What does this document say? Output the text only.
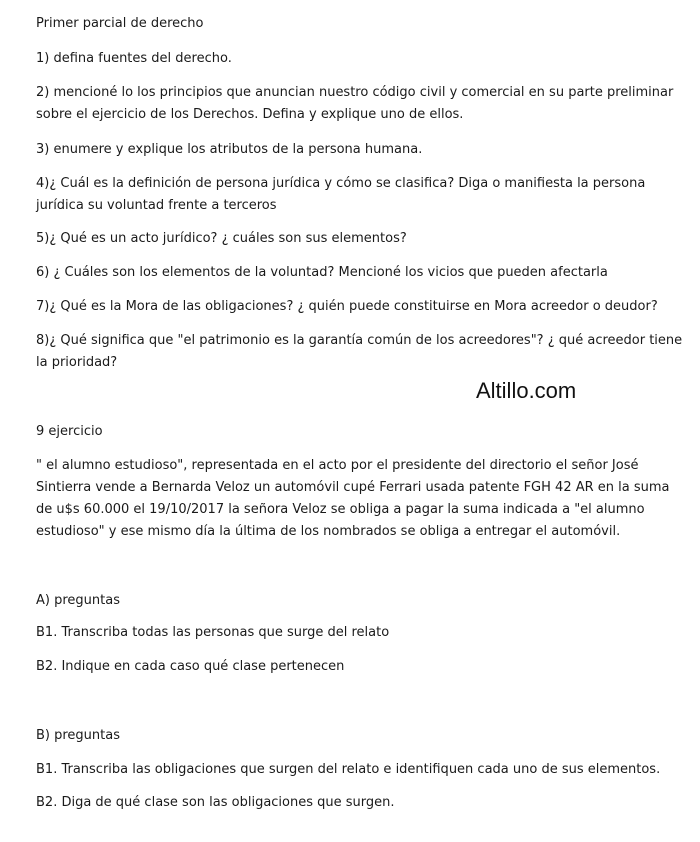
Primer parcial de derecho

1) defina fuentes del derecho.

2) mencioné lo los principios que anuncian nuestro código civil y comercial en su parte preliminar

sobre el ejercicio de los Derechos. Defina y explique uno de ellos.

3) enumere y explique los atributos de la persona humana.

4)¿ Cuál es la definición de persona jurídica y cómo se clasifica? Diga o manifiesta la persona

jurídica su voluntad frente a terceros

5)¿ Qué es un acto jurídico? ¿ cuáles son sus elementos?

6) ¿ Cuáles son los elementos de la voluntad? Mencioné los vicios que pueden afectarla

7)¿ Qué es la Mora de las obligaciones? ¿ quién puede constituirse en Mora acreedor o deudor?

8)¿ Qué significa que "el patrimonio es la garantía común de los acreedores"? ¿ qué acreedor tiene

la prioridad?

Altillo.com

9 ejercicio

" el alumno estudioso", representada en el acto por el presidente del directorio el señor José

Sintierra vende a Bernarda Veloz un automóvil cupé Ferrari usada patente FGH 42 AR en la suma

de u$s 60.000 el 19/10/2017 la señora Veloz se obliga a pagar la suma indicada a "el alumno

estudioso" y ese mismo día la última de los nombrados se obliga a entregar el automóvil.

A) preguntas

B1. Transcriba todas las personas que surge del relato

B2. Indique en cada caso qué clase pertenecen

B) preguntas

B1. Transcriba las obligaciones que surgen del relato e identifiquen cada uno de sus elementos.

B2. Diga de qué clase son las obligaciones que surgen.
